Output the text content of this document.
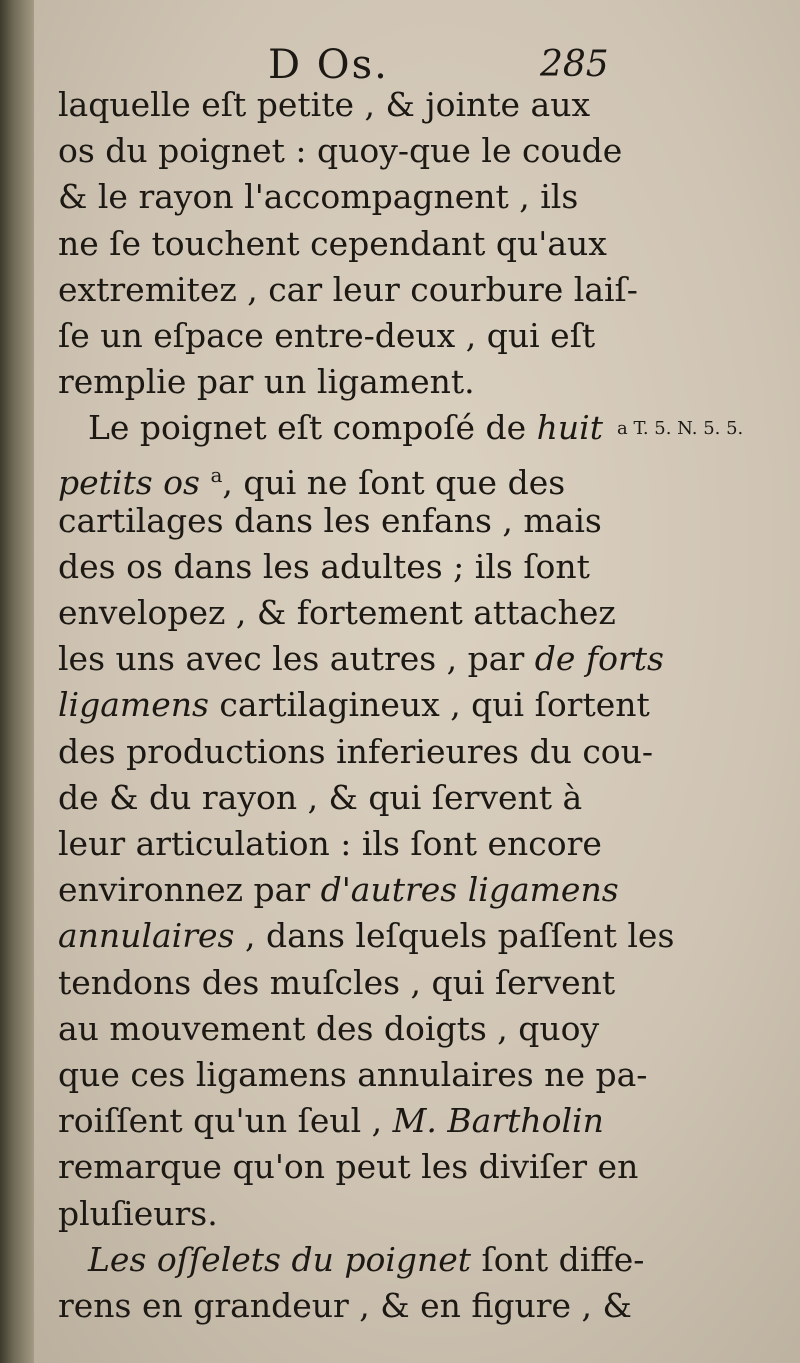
D Os.	285
laquelle eſt petite , & jointe aux
os du poignet : quoy-que le coude
& le rayon l'accompagnent , ils
ne ſe touchent cependant qu'aux
extremitez , car leur courbure laiſ-
ſe un eſpace entre-deux , qui eſt
remplie par un ligament.
Le poignet eſt compoſé de huit
petits os $^a$, qui ne ſont que des
cartilages dans les enfans , mais
des os dans les adultes ; ils ſont
envelopez , & fortement attachez
les uns avec les autres , par de forts
ligamens cartilagineux , qui ſortent
des productions inferieures du cou-
de & du rayon , & qui ſervent à
leur articulation : ils ſont encore
environnez par d'autres ligamens
annulaires , dans leſquels paſſent les
tendons des muſcles , qui ſervent
au mouvement des doigts , quoy
que ces ligamens annulaires ne pa-
roiſſent qu'un ſeul , M. Bartholin
remarque qu'on peut les diviſer en
pluſieurs.
Les oſſelets du poignet ſont diffe-
rens en grandeur , & en figure , &
a T. 5. N. 5. 5.
